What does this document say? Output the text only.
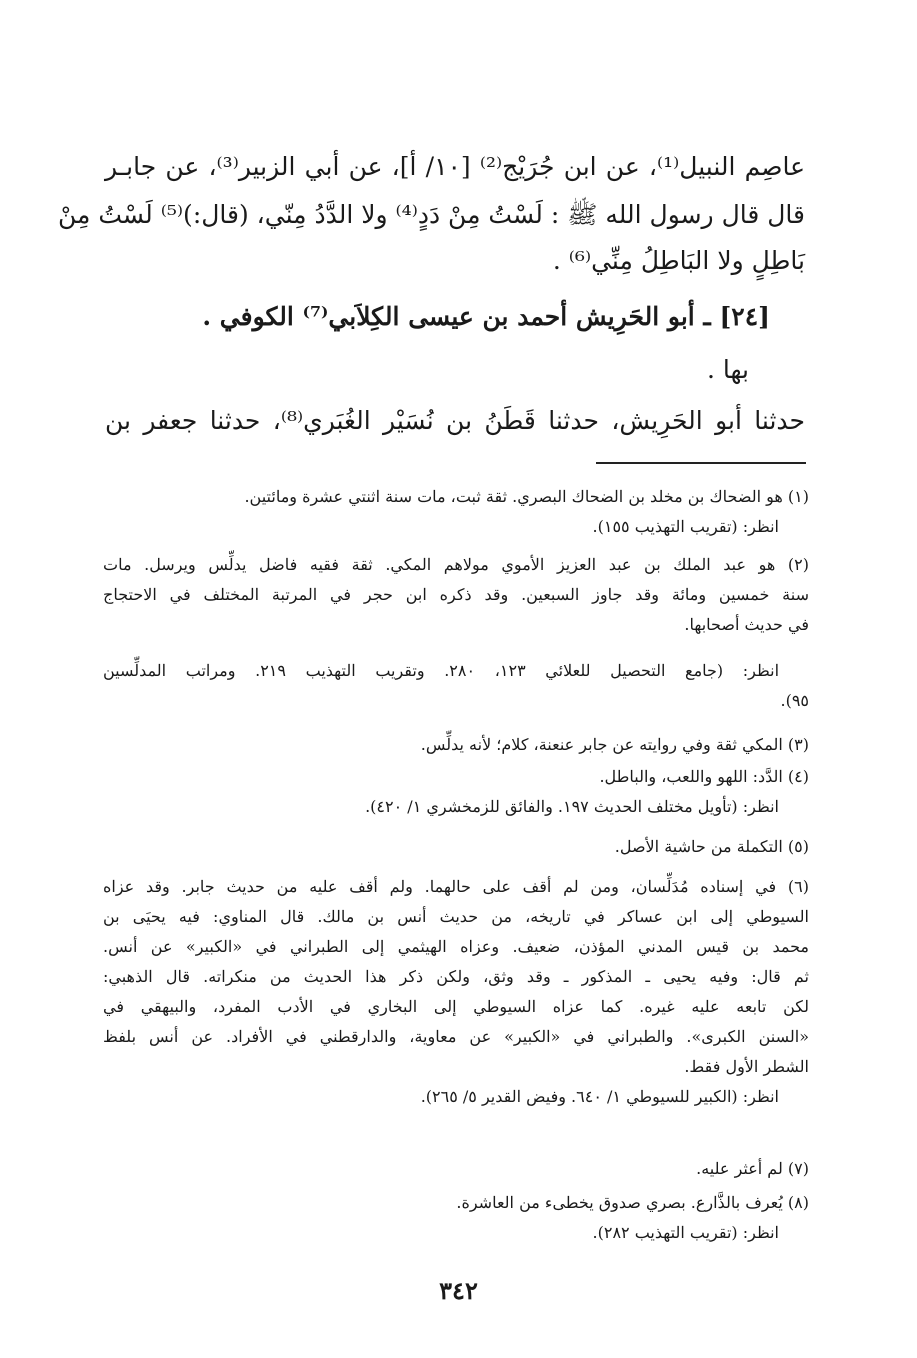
عاصِم النبيل⁽¹⁾، عن ابن جُرَيْج⁽²⁾ [١٠/ أ]، عن أبي الزبير⁽³⁾، عن جابـر
قال قال رسول الله ﷺ : لَسْتُ مِنْ دَدٍ⁽⁴⁾ ولا الدَّدُ مِنّي، (قال:)⁽⁵⁾ لَسْتُ مِنْ
بَاطِلٍ ولا البَاطِلُ مِنِّي⁽⁶⁾ .
[٢٤] ـ أبو الحَرِيش أحمد بن عيسى الكِلاَبي⁽⁷⁾ الكوفي .
بها .
حدثنا أبو الحَرِيش، حدثنا قَطَنُ بن نُسَيْر الغُبَري⁽⁸⁾، حدثنا جعفر بن
(١) هو الضحاك بن مخلد بن الضحاك البصري. ثقة ثبت، مات سنة اثنتي عشرة ومائتين.
انظر: (تقريب التهذيب ١٥٥).
(٢) هو عبد الملك بن عبد العزيز الأموي مولاهم المكي. ثقة فقيه فاضل يدلِّس ويرسل. مات
سنة خمسين ومائة وقد جاوز السبعين. وقد ذكره ابن حجر في المرتبة المختلف في الاحتجاج
في حديث أصحابها.
انظر: (جامع التحصيل للعلائي ١٢٣، ٢٨٠. وتقريب التهذيب ٢١٩. ومراتب المدلِّسين
٩٥).
(٣) المكي ثقة وفي روايته عن جابر عنعنة، كلام؛ لأنه يدلِّس.
(٤) الدَّد: اللهو واللعب، والباطل.
انظر: (تأويل مختلف الحديث ١٩٧. والفائق للزمخشري ١/ ٤٢٠).
(٥) التكملة من حاشية الأصل.
(٦) في إسناده مُدَلِّسان، ومن لم أقف على حالهما. ولم أقف عليه من حديث جابر. وقد عزاه
السيوطي إلى ابن عساكر في تاريخه، من حديث أنس بن مالك. قال المناوي: فيه يحيَى بن
محمد بن قيس المدني المؤذن، ضعيف. وعزاه الهيثمي إلى الطبراني في «الكبير» عن أنس.
ثم قال: وفيه يحيى ـ المذكور ـ وقد وثق، ولكن ذكر هذا الحديث من منكراته. قال الذهبي:
لكن تابعه عليه غيره. كما عزاه السيوطي إلى البخاري في الأدب المفرد، والبيهقي في
«السنن الكبرى». والطبراني في «الكبير» عن معاوية، والدارقطني في الأفراد. عن أنس بلفظ
الشطر الأول فقط.
انظر: (الكبير للسيوطي ١/ ٦٤٠. وفيض القدير ٥/ ٢٦٥).
(٧) لم أعثر عليه.
(٨) يُعرف بالذَّارع. بصري صدوق يخطىء من العاشرة.
انظر: (تقريب التهذيب ٢٨٢).
٣٤٢
